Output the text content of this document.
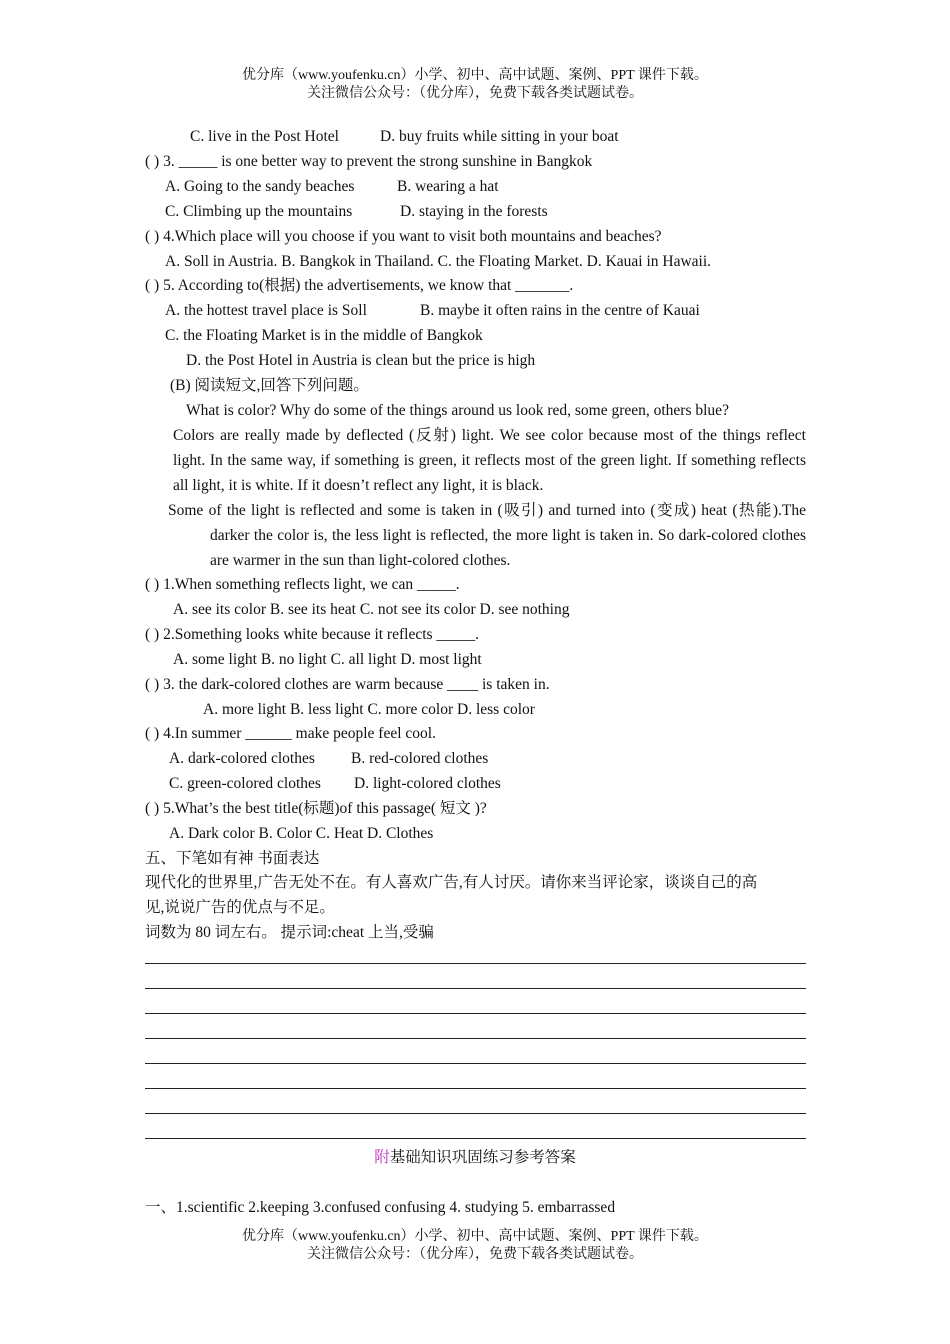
优分库（www.youfenku.cn）小学、初中、高中试题、案例、PPT 课件下载。
关注微信公众号：（优分库），免费下载各类试题试卷。
C. live in the Post Hotel	D. buy fruits while sitting in your boat
( ) 3. _____ is one better way to prevent the strong sunshine in Bangkok
A. Going to the sandy beaches	B. wearing a hat
C. Climbing up the mountains	D. staying in the forests
( ) 4.Which place will you choose if you want to visit both mountains and beaches?
A. Soll in Austria. B. Bangkok in Thailand. C. the Floating Market. D. Kauai in Hawaii.
( ) 5. According to(根据) the advertisements, we know that _______.
A. the hottest travel place is Soll	B. maybe it often rains in the centre of Kauai
C. the Floating Market is in the middle of Bangkok
D. the Post Hotel in Austria is clean but the price is high
(B) 阅读短文,回答下列问题。
What is color? Why do some of the things around us look red, some green, others blue?
Colors are really made by deflected (反射) light. We see color because most of the things reflect light. In the same way, if something is green, it reflects most of the green light. If something reflects all light, it is white. If it doesn’t reflect any light, it is black.
Some of the light is reflected and some is taken in (吸引) and turned into (变成) heat (热能).The darker the color is, the less light is reflected, the more light is taken in. So dark-colored clothes are warmer in the sun than light-colored clothes.
( ) 1.When something reflects light, we can _____.
A. see its color B. see its heat C. not see its color D. see nothing
( ) 2.Something looks white because it reflects _____.
A. some light B. no light C. all light D. most light
( ) 3. the dark-colored clothes are warm because ____ is taken in.
A. more light B. less light C. more color D. less color
( ) 4.In summer ______ make people feel cool.
A. dark-colored clothes B. red-colored clothes
C. green-colored clothes D. light-colored clothes
( ) 5.What’s the best title(标题)of this passage( 短文 )?
A. Dark color B. Color C. Heat D. Clothes
五、下笔如有神 书面表达
现代化的世界里,广告无处不在。有人喜欢广告,有人讨厌。请你来当评论家，谈谈自己的高
见,说说广告的优点与不足。
词数为 80 词左右。 提示词:cheat 上当,受骗
附基础知识巩固练习参考答案
一、1.scientific 2.keeping 3.confused confusing 4. studying 5. embarrassed
优分库（www.youfenku.cn）小学、初中、高中试题、案例、PPT 课件下载。
关注微信公众号：（优分库），免费下载各类试题试卷。
